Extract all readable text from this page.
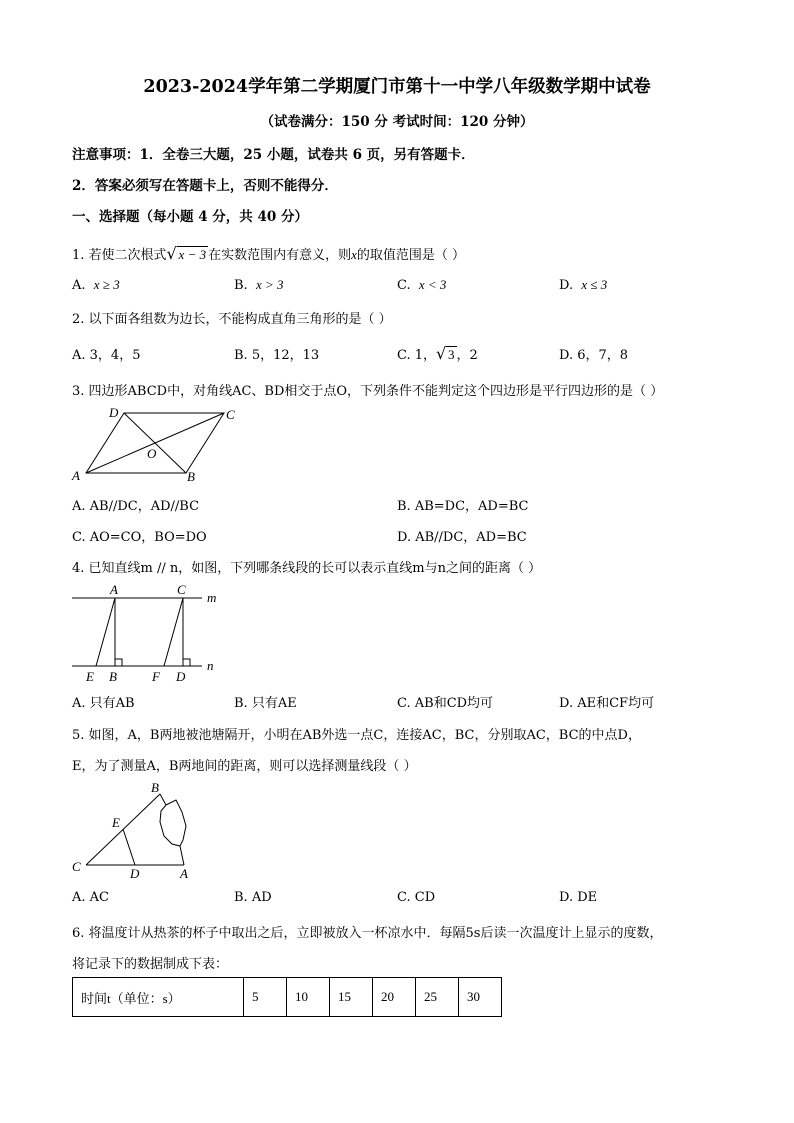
2023-2024学年第二学期厦门市第十一中学八年级数学期中试卷
（试卷满分：150 分 考试时间：120 分钟）
注意事项：1．全卷三大题，25 小题，试卷共 6 页，另有答题卡．
2．答案必须写在答题卡上，否则不能得分．
一、选择题（每小题 4 分，共 40 分）
1. 若使二次根式 √ x − 3 在实数范围内有意义，则x的取值范围是（ ）
A. x ≥ 3	B. x > 3	C. x < 3	D. x ≤ 3
2. 以下面各组数为边长，不能构成直角三角形的是（ ）
A. 3，4，5	B. 5，12，13	C. 1， √ 3 ，2	D. 6，7，8
3. 四边形ABCD中，对角线AC、BD相交于点O，下列条件不能判定这个四边形是平行四边形的是（ ）
A	B
C
D
O
A. AB//DC，AD//BC	B. AB=DC，AD=BC
C. AO=CO，BO=DO	D. AB//DC，AD=BC
4. 已知直线m // n，如图，下列哪条线段的长可以表示直线m与n之间的距离（ ）
A	C
m
E B	F D
n
A. 只有AB	B. 只有AE	C. AB和CD均可	D. AE和CF均可
5. 如图，A，B两地被池塘隔开，小明在AB外选一点C，连接AC，BC，分别取AC，BC的中点D，
E，为了测量A，B两地间的距离，则可以选择测量线段（ ）
B
E
C	D	A
A. AC	B. AD	C. CD	D. DE
6. 将温度计从热茶的杯子中取出之后，立即被放入一杯凉水中．每隔5s后读一次温度计上显示的度数，
将记录下的数据制成下表：
时间t（单位：s）	5	10	15	20	25	30
